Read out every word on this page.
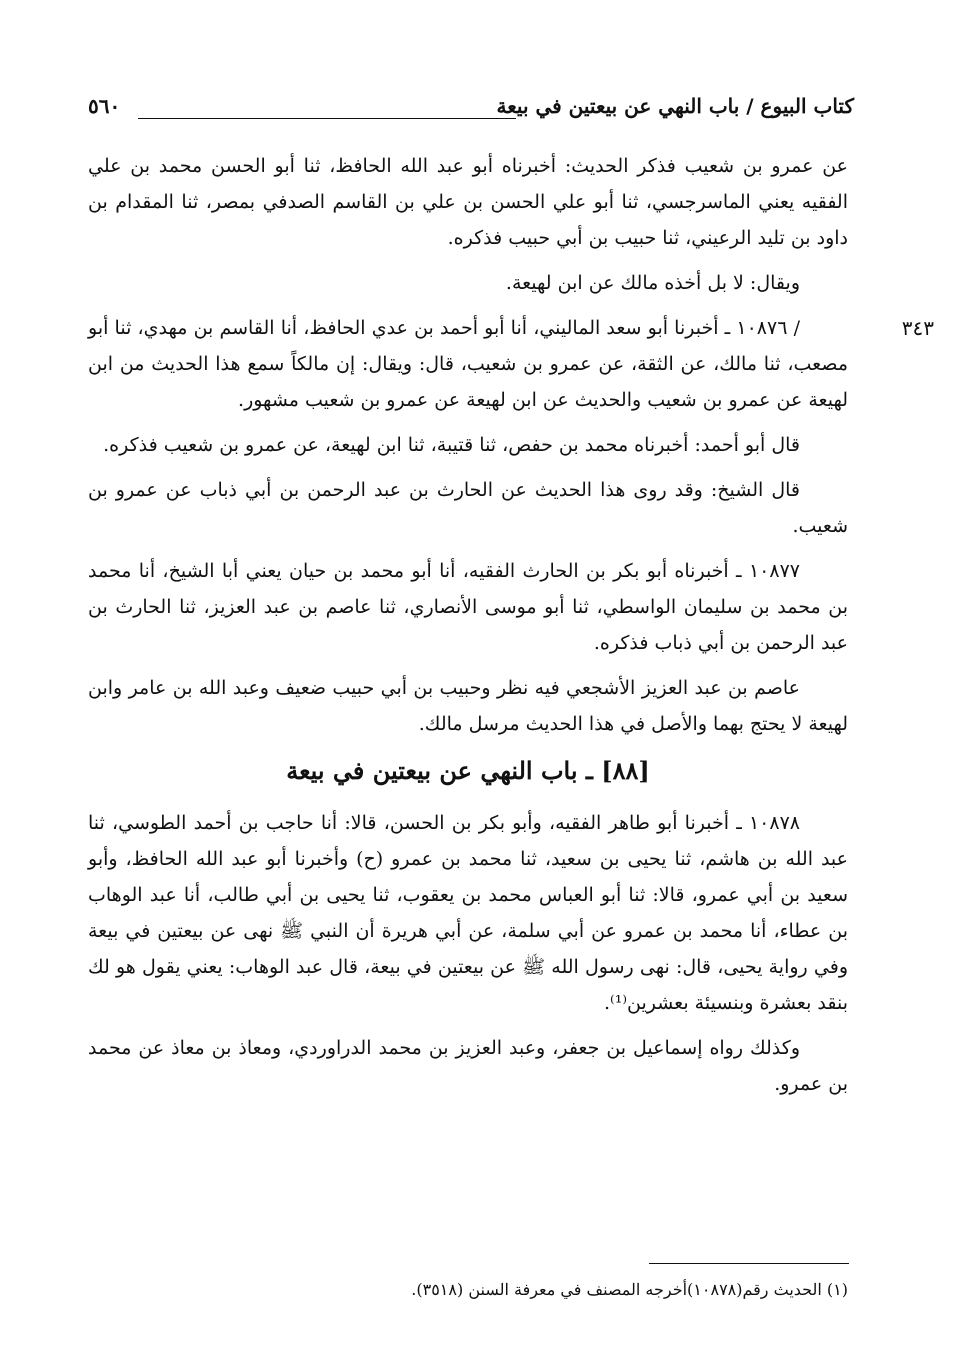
كتاب البيوع / باب النهي عن بيعتين في بيعة
٥٦٠

عن عمرو بن شعيب فذكر الحديث: أخبرناه أبو عبد الله الحافظ، ثنا أبو الحسن محمد بن علي الفقيه يعني الماسرجسي، ثنا أبو علي الحسن بن علي بن القاسم الصدفي بمصر، ثنا المقدام بن داود بن تليد الرعيني، ثنا حبيب بن أبي حبيب فذكره.

ويقال: لا بل أخذه مالك عن ابن لهيعة.

٣٤٣

/ ١٠٨٧٦ ـ أخبرنا أبو سعد الماليني، أنا أبو أحمد بن عدي الحافظ، أنا القاسم بن مهدي، ثنا أبو مصعب، ثنا مالك، عن الثقة، عن عمرو بن شعيب، قال: ويقال: إن مالكاً سمع هذا الحديث من ابن لهيعة عن عمرو بن شعيب والحديث عن ابن لهيعة عن عمرو بن شعيب مشهور.

قال أبو أحمد: أخبرناه محمد بن حفص، ثنا قتيبة، ثنا ابن لهيعة، عن عمرو بن شعيب فذكره.

قال الشيخ: وقد روى هذا الحديث عن الحارث بن عبد الرحمن بن أبي ذباب عن عمرو بن شعيب.

١٠٨٧٧ ـ أخبرناه أبو بكر بن الحارث الفقيه، أنا أبو محمد بن حيان يعني أبا الشيخ، أنا محمد بن محمد بن سليمان الواسطي، ثنا أبو موسى الأنصاري، ثنا عاصم بن عبد العزيز، ثنا الحارث بن عبد الرحمن بن أبي ذباب فذكره.

عاصم بن عبد العزيز الأشجعي فيه نظر وحبيب بن أبي حبيب ضعيف وعبد الله بن عامر وابن لهيعة لا يحتج بهما والأصل في هذا الحديث مرسل مالك.

[٨٨] ـ باب النهي عن بيعتين في بيعة

١٠٨٧٨ ـ أخبرنا أبو طاهر الفقيه، وأبو بكر بن الحسن، قالا: أنا حاجب بن أحمد الطوسي، ثنا عبد الله بن هاشم، ثنا يحيى بن سعيد، ثنا محمد بن عمرو (ح) وأخبرنا أبو عبد الله الحافظ، وأبو سعيد بن أبي عمرو، قالا: ثنا أبو العباس محمد بن يعقوب، ثنا يحيى بن أبي طالب، أنا عبد الوهاب بن عطاء، أنا محمد بن عمرو عن أبي سلمة، عن أبي هريرة أن النبي ﷺ نهى عن بيعتين في بيعة وفي رواية يحيى، قال: نهى رسول الله ﷺ عن بيعتين في بيعة، قال عبد الوهاب: يعني يقول هو لك بنقد بعشرة وبنسيئة بعشرين⁽¹⁾.

وكذلك رواه إسماعيل بن جعفر، وعبد العزيز بن محمد الدراوردي، ومعاذ بن معاذ عن محمد بن عمرو.

(١) الحديث رقم(١٠٨٧٨)أخرجه المصنف في معرفة السنن (٣٥١٨).
